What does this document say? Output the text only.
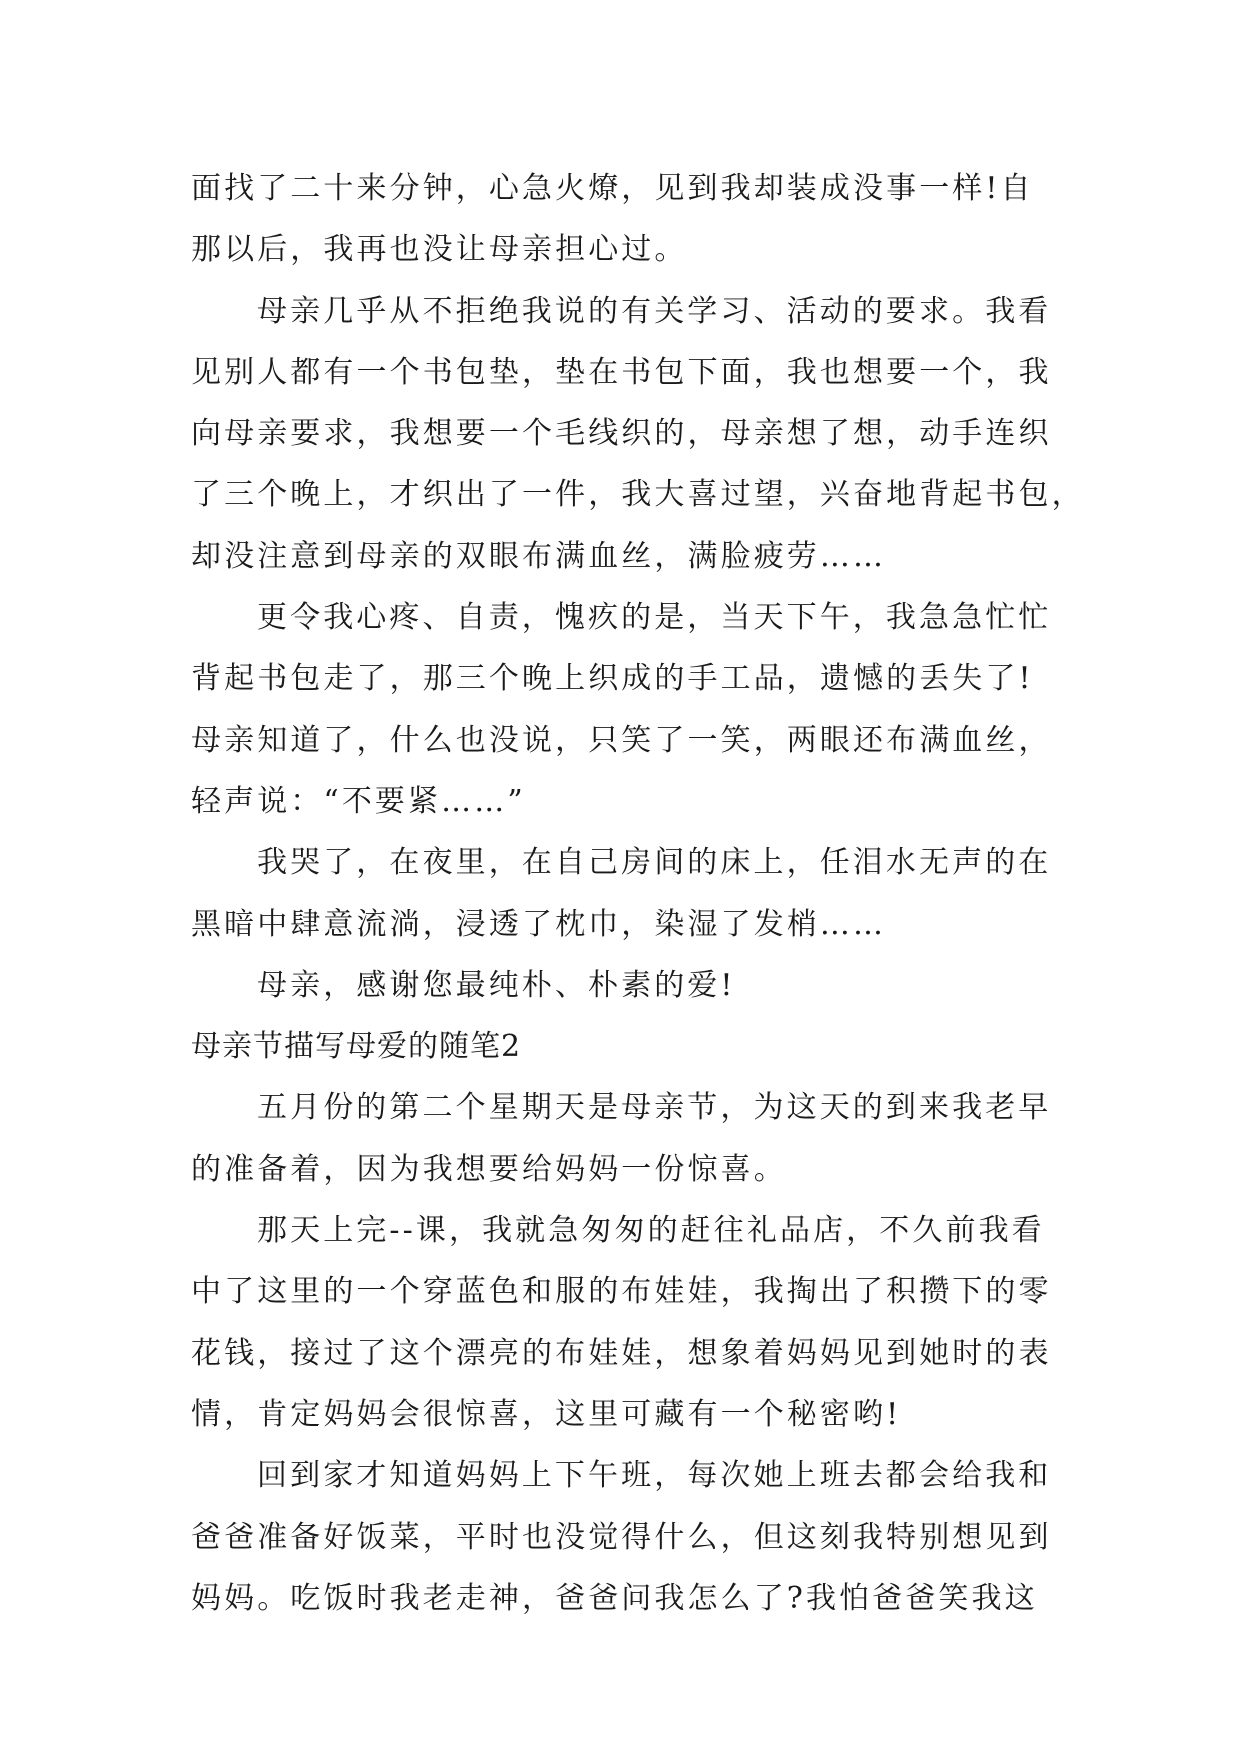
面找了二十来分钟，心急火燎，见到我却装成没事一样!自
那以后，我再也没让母亲担心过。
母亲几乎从不拒绝我说的有关学习、活动的要求。我看
见别人都有一个书包垫，垫在书包下面，我也想要一个，我
向母亲要求，我想要一个毛线织的，母亲想了想，动手连织
了三个晚上，才织出了一件，我大喜过望，兴奋地背起书包，
却没注意到母亲的双眼布满血丝，满脸疲劳……
更令我心疼、自责，愧疚的是，当天下午，我急急忙忙
背起书包走了，那三个晚上织成的手工品，遗憾的丢失了!
母亲知道了，什么也没说，只笑了一笑，两眼还布满血丝，
轻声说：“不要紧……”
我哭了，在夜里，在自己房间的床上，任泪水无声的在
黑暗中肆意流淌，浸透了枕巾，染湿了发梢……
母亲，感谢您最纯朴、朴素的爱!
母亲节描写母爱的随笔2
五月份的第二个星期天是母亲节，为这天的到来我老早
的准备着，因为我想要给妈妈一份惊喜。
那天上完--课，我就急匆匆的赶往礼品店，不久前我看
中了这里的一个穿蓝色和服的布娃娃，我掏出了积攒下的零
花钱，接过了这个漂亮的布娃娃，想象着妈妈见到她时的表
情，肯定妈妈会很惊喜，这里可藏有一个秘密哟!
回到家才知道妈妈上下午班，每次她上班去都会给我和
爸爸准备好饭菜，平时也没觉得什么，但这刻我特别想见到
妈妈。吃饭时我老走神，爸爸问我怎么了?我怕爸爸笑我这
